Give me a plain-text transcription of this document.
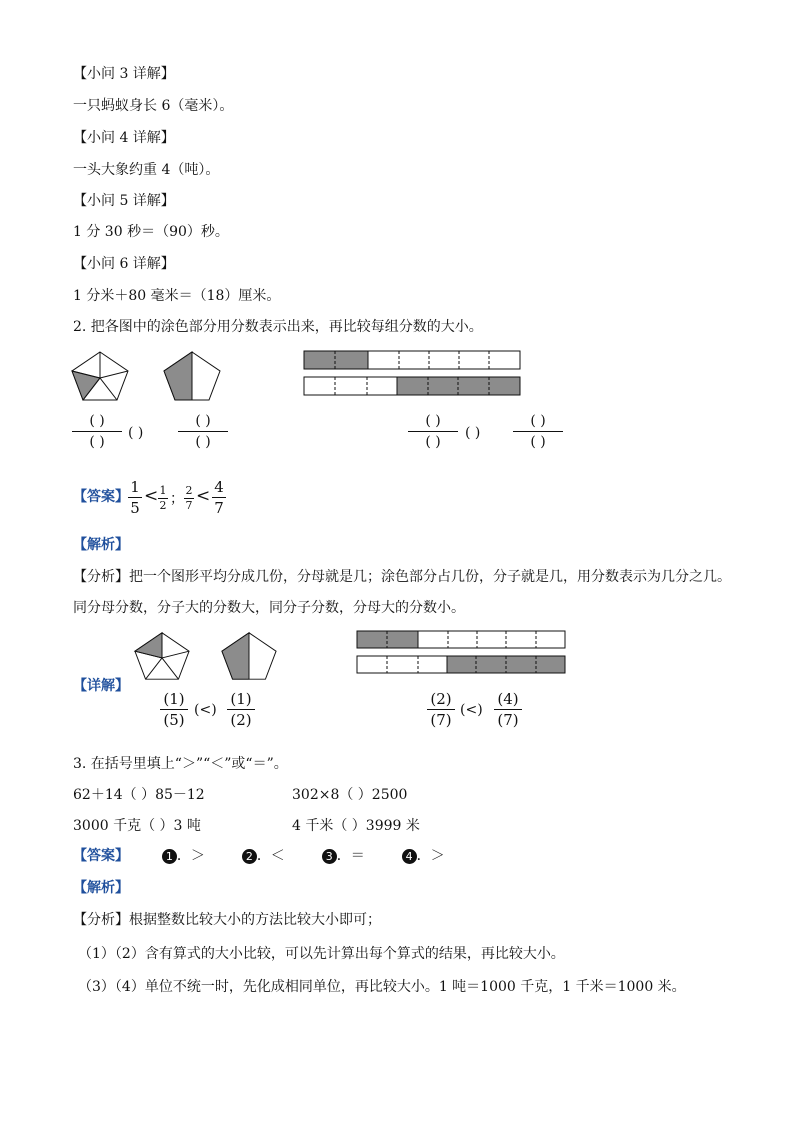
【小问 3 详解】
一只蚂蚁身长 6（毫米）。
【小问 4 详解】
一头大象约重 4（吨）。
【小问 5 详解】
1 分 30 秒＝（90）秒。
【小问 6 详解】
1 分米＋80 毫米＝（18）厘米。
2. 把各图中的涂色部分用分数表示出来，再比较每组分数的大小。
( )
( )
( )
( )
( )
( )
( )
( )
( )
( )
【答案】
1
5
< 1
2 ；
2
7 < 4
7
【解析】
【分析】把一个图形平均分成几份，分母就是几；涂色部分占几份，分子就是几，用分数表示为几分之几。
同分母分数，分子大的分数大，同分子分数，分母大的分数小。
【详解】
(1)
(5)
(<)
(1)
(2)
(2)
(7)
(<)
(4)
(7)
3. 在括号里填上“＞”“＜”或“＝”。
62＋14（ ）85－12	302×8（ ）2500
3000 千克（ ）3 吨	4 千米（ ）3999 米
【答案】	1 ．＞	2 ．＜	3 ．＝	4 ．＞
【解析】
【分析】根据整数比较大小的方法比较大小即可；
（1）（2）含有算式的大小比较，可以先计算出每个算式的结果，再比较大小。
（3）（4）单位不统一时，先化成相同单位，再比较大小。1 吨＝1000 千克，1 千米＝1000 米。
